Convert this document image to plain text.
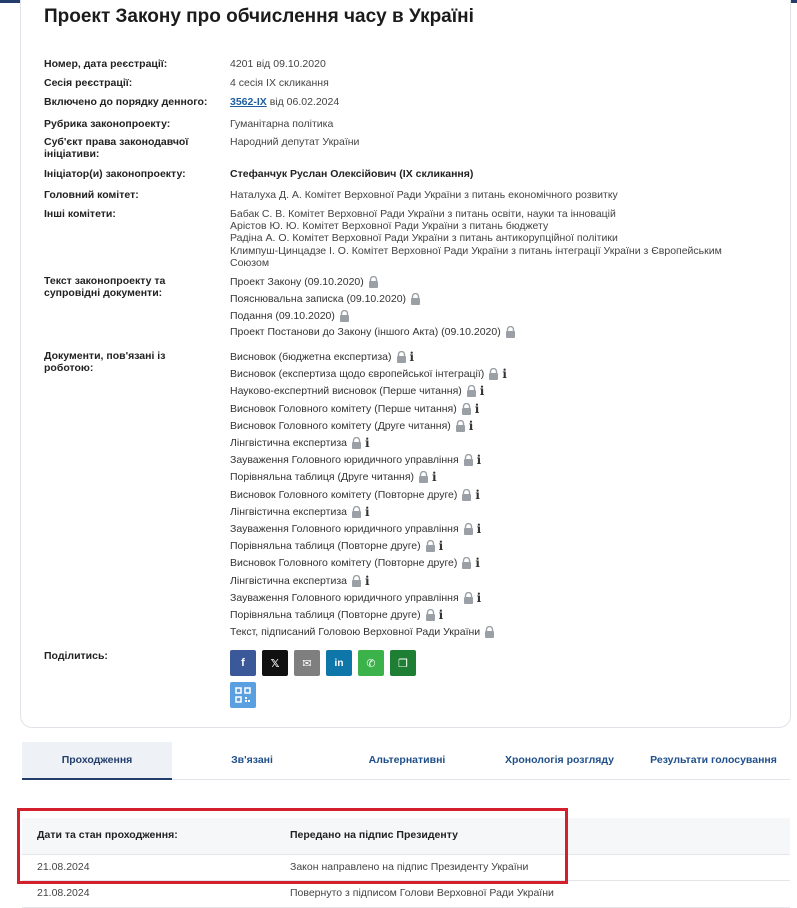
Проект Закону про обчислення часу в Україні
Номер, дата реєстрації:	4201 від 09.10.2020
Сесія реєстрації:	4 сесія IX скликання
Включено до порядку денного:	3562-IX від 06.02.2024
Рубрика законопроекту:	Гуманітарна політика
Суб'єкт права законодавчої ініціативи:
Народний депутат України
Ініціатор(и) законопроекту:	Стефанчук Руслан Олексійович (IX скликання)
Головний комітет:	Наталуха Д. А. Комітет Верховної Ради України з питань економічного розвитку
Інші комітети:	Бабак С. В. Комітет Верховної Ради України з питань освіти, науки та інновацій
Арістов Ю. Ю. Комітет Верховної Ради України з питань бюджету
Радіна А. О. Комітет Верховної Ради України з питань антикорупційної політики
Климпуш-Цинцадзе І. О. Комітет Верховної Ради України з питань інтеграції України з Європейським
Союзом
Текст законопроекту та супровідні документи:
Проект Закону (09.10.2020)
Пояснювальна записка (09.10.2020)
Подання (09.10.2020)
Проект Постанови до Закону (іншого Акта) (09.10.2020)
Документи, пов'язані із роботою:
Висновок (бюджетна експертиза) i
Висновок (експертиза щодо європейської інтеграції) i
Науково-експертний висновок (Перше читання) i
Висновок Головного комітету (Перше читання) i
Висновок Головного комітету (Друге читання) i
Лінгвістична експертиза i
Зауваження Головного юридичного управління i
Порівняльна таблиця (Друге читання) i
Висновок Головного комітету (Повторне друге) i
Лінгвістична експертиза i
Зауваження Головного юридичного управління i
Порівняльна таблиця (Повторне друге) i
Висновок Головного комітету (Повторне друге) i
Лінгвістична експертиза i
Зауваження Головного юридичного управління i
Порівняльна таблиця (Повторне друге) i
Текст, підписаний Головою Верховної Ради України
Поділитись:
f 𝕏 ✉ in ✆ ❐
Проходження	Зв'язані	Альтернативні	Хронологія розгляду	Результати голосування
Дати та стан проходження:	Передано на підпис Президенту
21.08.2024	Закон направлено на підпис Президенту України
21.08.2024	Повернуто з підписом Голови Верховної Ради України
